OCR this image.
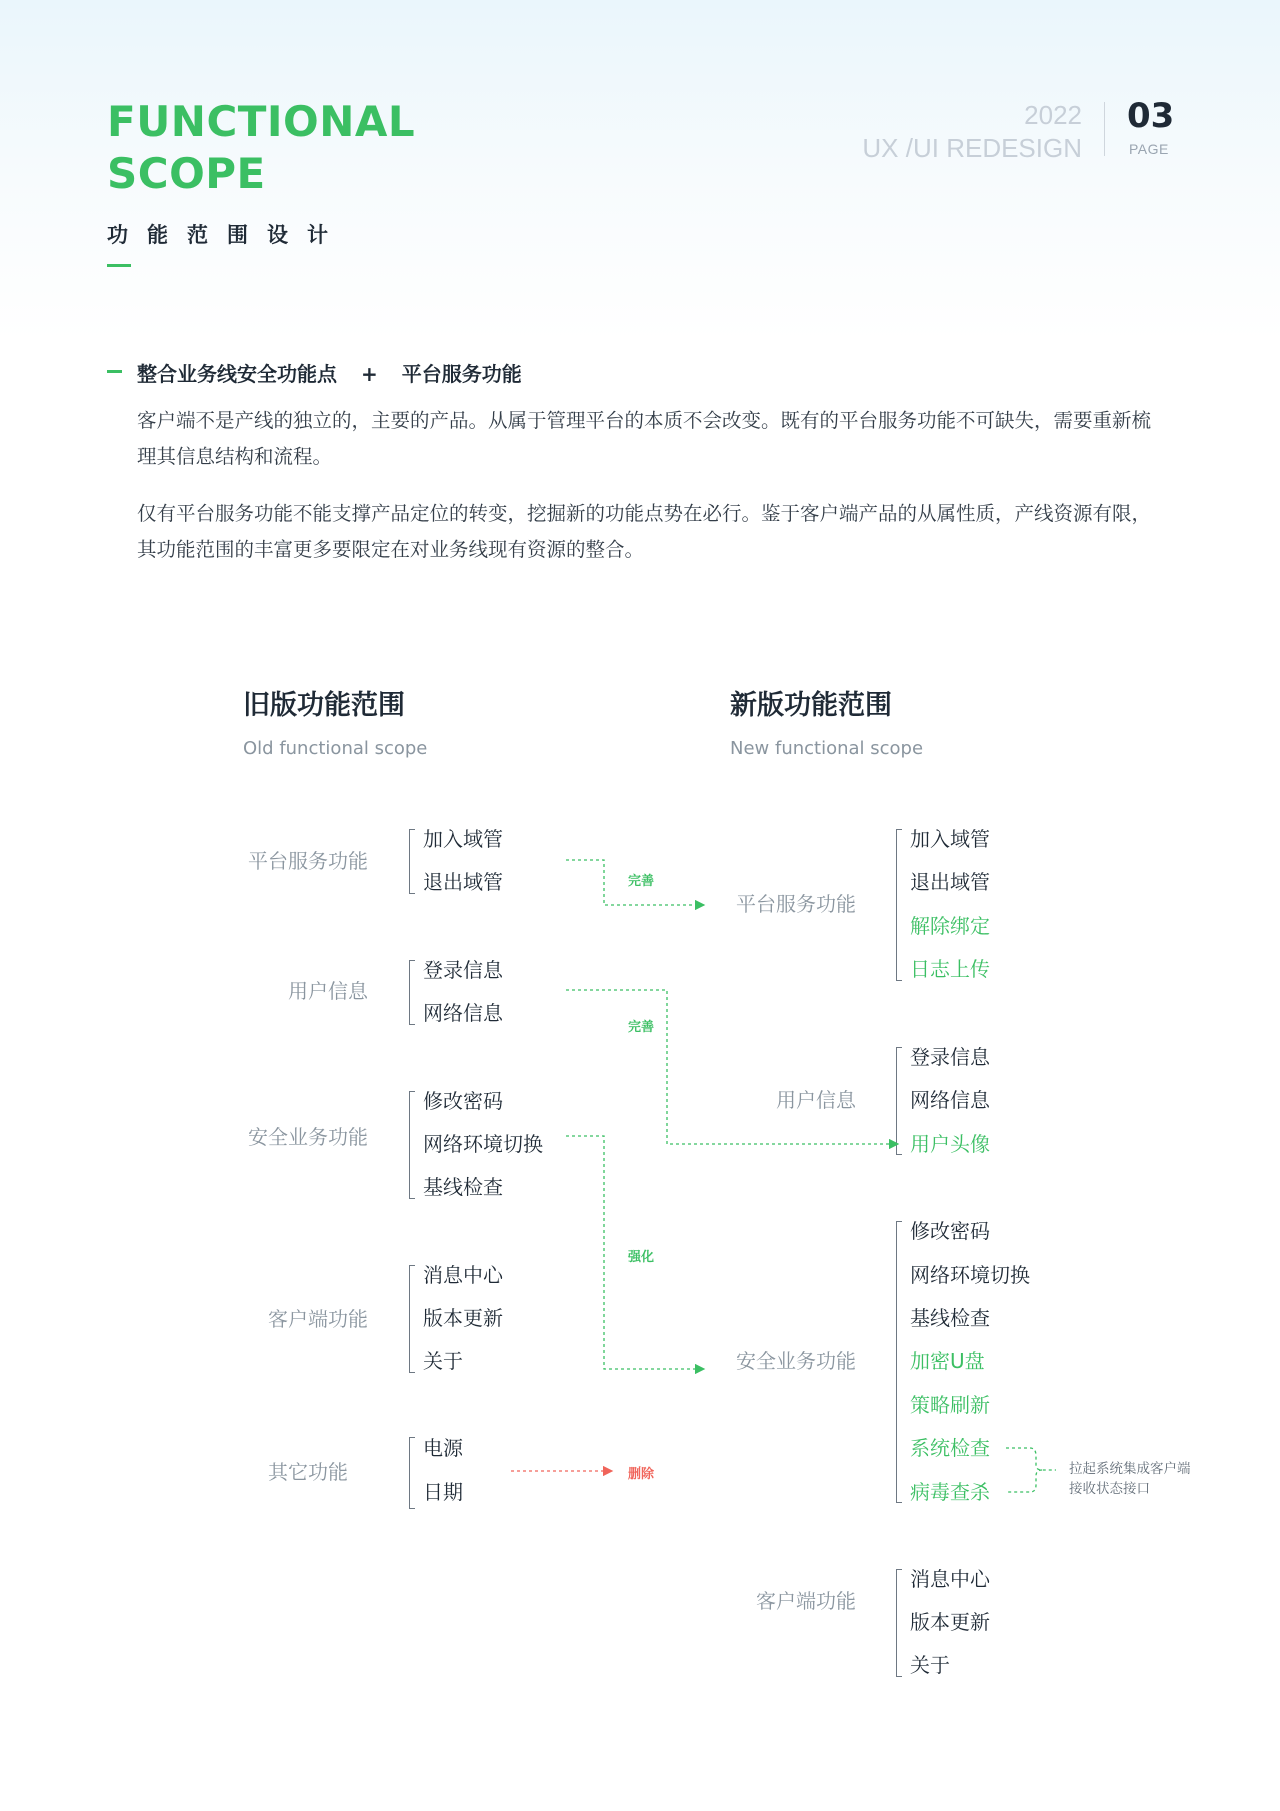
FUNCTIONAL
SCOPE
功能范围设计
2022
UX /UI REDESIGN
03
PAGE
整合业务线安全功能点 + 平台服务功能
客户端不是产线的独立的，主要的产品。从属于管理平台的本质不会改变。既有的平台服务功能不可缺失，需要重新梳理其信息结构和流程。
仅有平台服务功能不能支撑产品定位的转变，挖掘新的功能点势在必行。鉴于客户端产品的从属性质，产线资源有限，其功能范围的丰富更多要限定在对业务线现有资源的整合。
旧版功能范围
Old functional scope
新版功能范围
New functional scope
平台服务功能
加入域管
退出域管
用户信息
登录信息
网络信息
安全业务功能
修改密码
网络环境切换
基线检查
客户端功能
消息中心
版本更新
关于
其它功能
电源
日期
平台服务功能
加入域管
退出域管
解除绑定
日志上传
用户信息
登录信息
网络信息
用户头像
安全业务功能
修改密码
网络环境切换
基线检查
加密U盘
策略刷新
系统检查
病毒查杀
客户端功能
消息中心
版本更新
关于
完善
完善
强化
删除	拉起系统集成客户端
接收状态接口
